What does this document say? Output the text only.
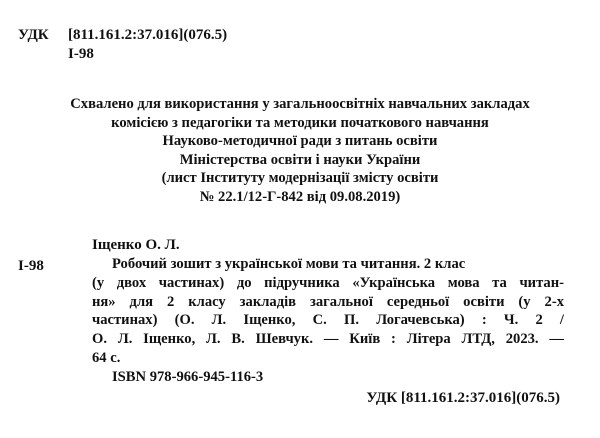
УДК [811.161.2:37.016](076.5)
І-98
Схвалено для використання у загальноосвітніх навчальних закладах
комісією з педагогіки та методики початкового навчання
Науково-методичної ради з питань освіти
Міністерства освіти і науки України
(лист Інституту модернізації змісту освіти
№ 22.1/12-Г-842 від 09.08.2019)
Іщенко О. Л.
І-98	Робочий зошит з української мови та читання. 2 клас
(у двох частинах) до підручника «Українська мова та читан-
ня» для 2 класу закладів загальної середньої освіти (у 2-х
частинах) (О. Л. Іщенко, С. П. Логачевська) : Ч. 2 /
О. Л. Іщенко, Л. В. Шевчук. — Київ : Літера ЛТД, 2023. —
64 с.
ISBN 978-966-945-116-3
УДК [811.161.2:37.016](076.5)
